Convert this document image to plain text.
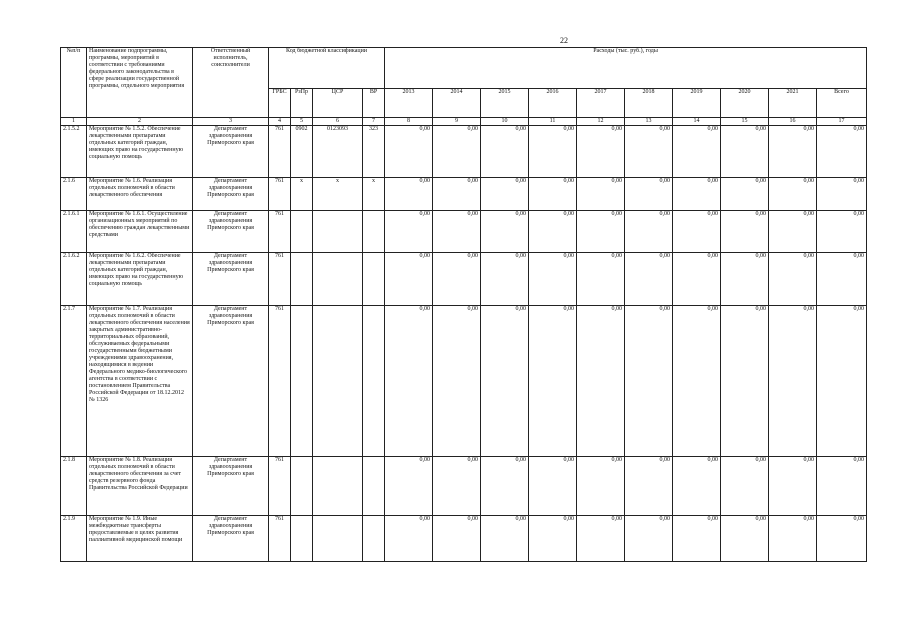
22
№п/п	Наименование подпрограммы, программы, мероприятий в соответствии с требованиями федерального законодательства в сфере реализации государственной программы, отдельного мероприятия	Ответственный исполнитель, соисполнители	Код бюджетной классификации				Расходы (тыс. руб.), годы									
			ГРБС	РзПр	ЦСР	ВР	2013	2014	2015	2016	2017	2018	2019	2020	2021	Всего
1	2	3	4	5	6	7	8	9	10	11	12	13	14	15	16	17
2.1.5.2	Мероприятие № 1.5.2. Обеспечение лекарственными препаратами отдельных категорий граждан, имеющих право на государственную социальную помощь	Департамент здравоохранения Приморского края	761	0902	0123093	323	0,00	0,00	0,00	0,00	0,00	0,00	0,00	0,00	0,00	0,00
2.1.6	Мероприятие № 1.6. Реализация отдельных полномочий в области лекарственного обеспечения	Департамент здравоохранения Приморского края	761	x	x	x	0,00	0,00	0,00	0,00	0,00	0,00	0,00	0,00	0,00	0,00
2.1.6.1	Мероприятие № 1.6.1. Осуществление организационных мероприятий по обеспечению граждан лекарственными средствами	Департамент здравоохранения Приморского края	761				0,00	0,00	0,00	0,00	0,00	0,00	0,00	0,00	0,00	0,00
2.1.6.2	Мероприятие № 1.6.2. Обеспечение лекарственными препаратами отдельных категорий граждан, имеющих право на государственную социальную помощь	Департамент здравоохранения Приморского края	761				0,00	0,00	0,00	0,00	0,00	0,00	0,00	0,00	0,00	0,00
2.1.7	Мероприятие № 1.7. Реализация отдельных полномочий в области лекарственного обеспечения населения закрытых административно-территориальных образований, обслуживаемых федеральными государственными бюджетными учреждениями здравоохранения, находящимися в ведении Федерального медико-биологического агентства в соответствии с постановлением Правительства Российской Федерации от 18.12.2012 № 1326	Департамент здравоохранения Приморского края	761				0,00	0,00	0,00	0,00	0,00	0,00	0,00	0,00	0,00	0,00
2.1.8	Мероприятие № 1.8. Реализация отдельных полномочий в области лекарственного обеспечения за счет средств резервного фонда Правительства Российской Федерации	Департамент здравоохранения Приморского края	761				0,00	0,00	0,00	0,00	0,00	0,00	0,00	0,00	0,00	0,00
2.1.9	Мероприятие № 1.9. Иные межбюджетные трансферты предоставляемые в целях развития паллиативной медицинской помощи	Департамент здравоохранения Приморского края	761				0,00	0,00	0,00	0,00	0,00	0,00	0,00	0,00	0,00	0,00
